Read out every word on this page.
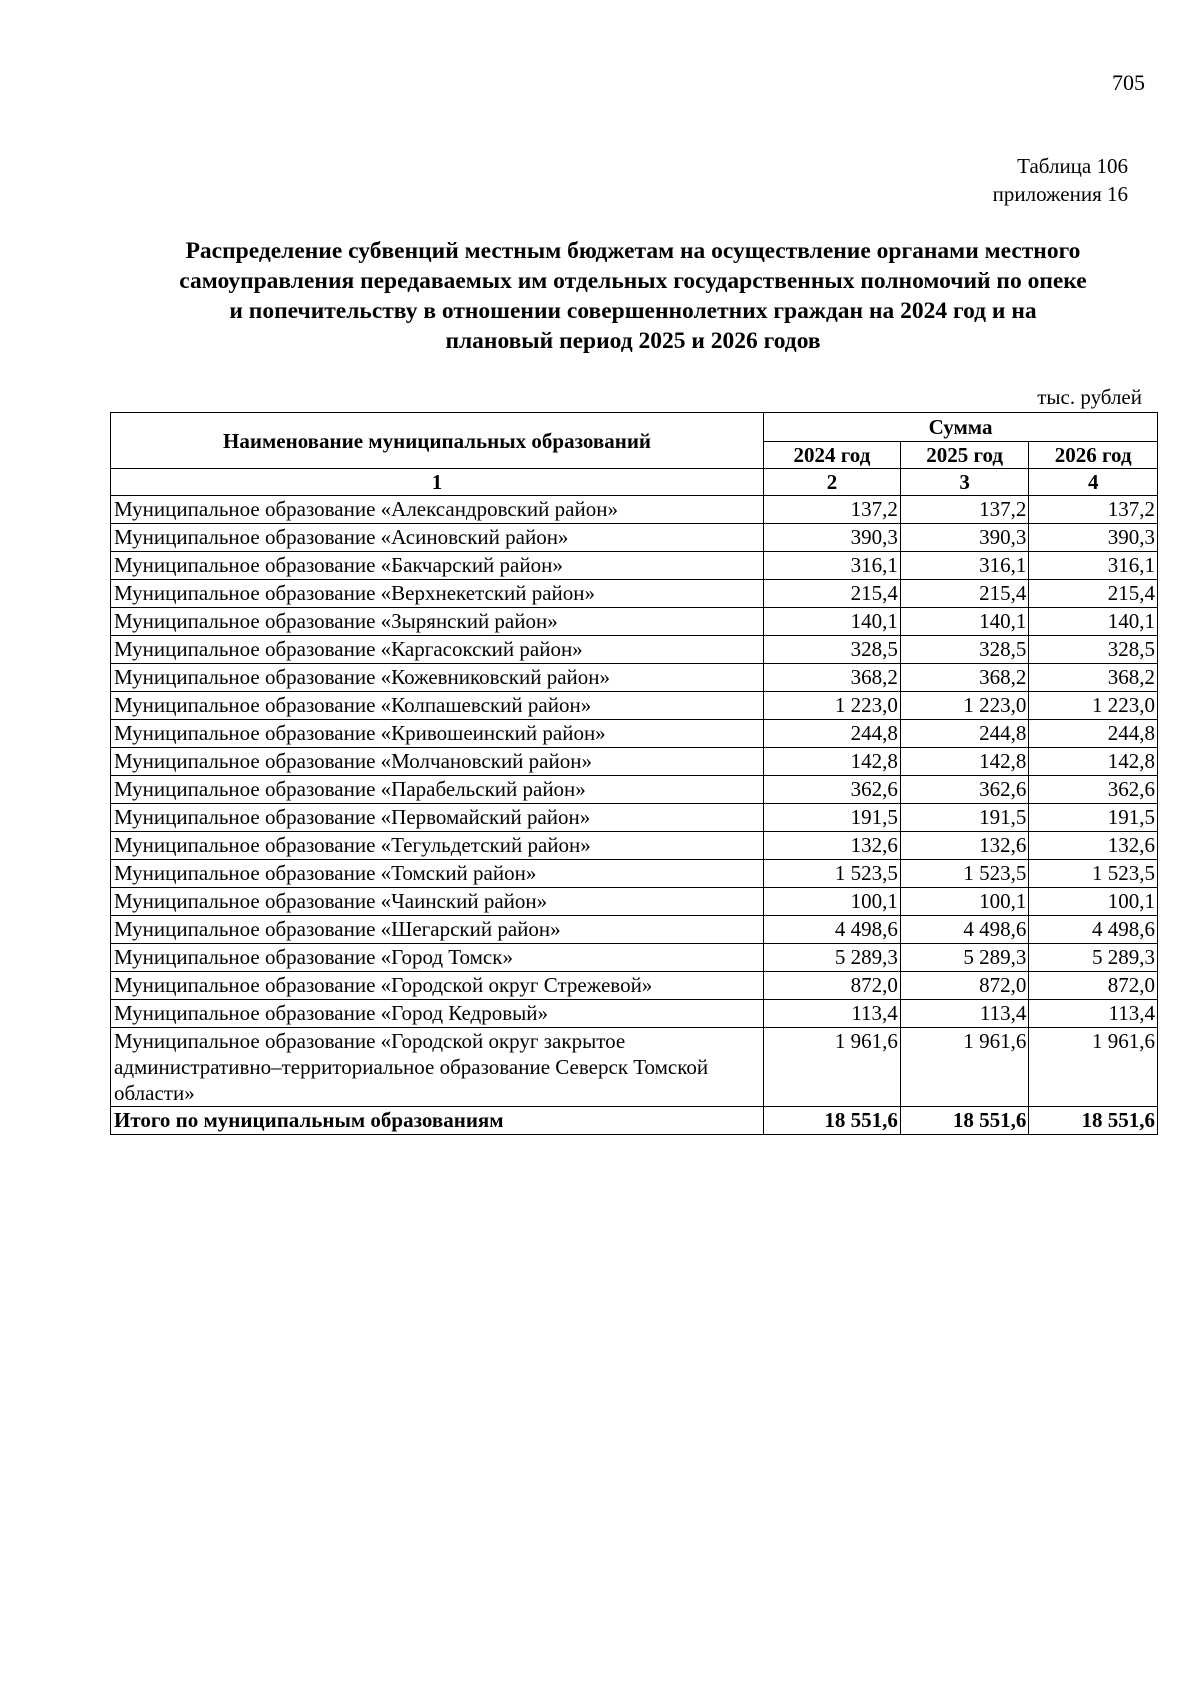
705
Таблица 106
приложения 16
Распределение субвенций местным бюджетам на осуществление органами местного
самоуправления передаваемых им отдельных государственных полномочий по опеке
и попечительству в отношении совершеннолетних граждан на 2024 год и на
плановый период 2025 и 2026 годов
тыс. рублей
Наименование муниципальных образований	Сумма		
	2024 год	2025 год	2026 год
1	2	3	4
Муниципальное образование «Александровский район»	137,2	137,2	137,2
Муниципальное образование «Асиновский район»	390,3	390,3	390,3
Муниципальное образование «Бакчарский район»	316,1	316,1	316,1
Муниципальное образование «Верхнекетский район»	215,4	215,4	215,4
Муниципальное образование «Зырянский район»	140,1	140,1	140,1
Муниципальное образование «Каргасокский район»	328,5	328,5	328,5
Муниципальное образование «Кожевниковский район»	368,2	368,2	368,2
Муниципальное образование «Колпашевский район»	1 223,0	1 223,0	1 223,0
Муниципальное образование «Кривошеинский район»	244,8	244,8	244,8
Муниципальное образование «Молчановский район»	142,8	142,8	142,8
Муниципальное образование «Парабельский район»	362,6	362,6	362,6
Муниципальное образование «Первомайский район»	191,5	191,5	191,5
Муниципальное образование «Тегульдетский район»	132,6	132,6	132,6
Муниципальное образование «Томский район»	1 523,5	1 523,5	1 523,5
Муниципальное образование «Чаинский район»	100,1	100,1	100,1
Муниципальное образование «Шегарский район»	4 498,6	4 498,6	4 498,6
Муниципальное образование «Город Томск»	5 289,3	5 289,3	5 289,3
Муниципальное образование «Городской округ Стрежевой»	872,0	872,0	872,0
Муниципальное образование «Город Кедровый»	113,4	113,4	113,4
Муниципальное образование «Городской округ закрытое административно–территориальное образование Северск Томской области»	1 961,6	1 961,6	1 961,6
Итого по муниципальным образованиям	18 551,6	18 551,6	18 551,6
